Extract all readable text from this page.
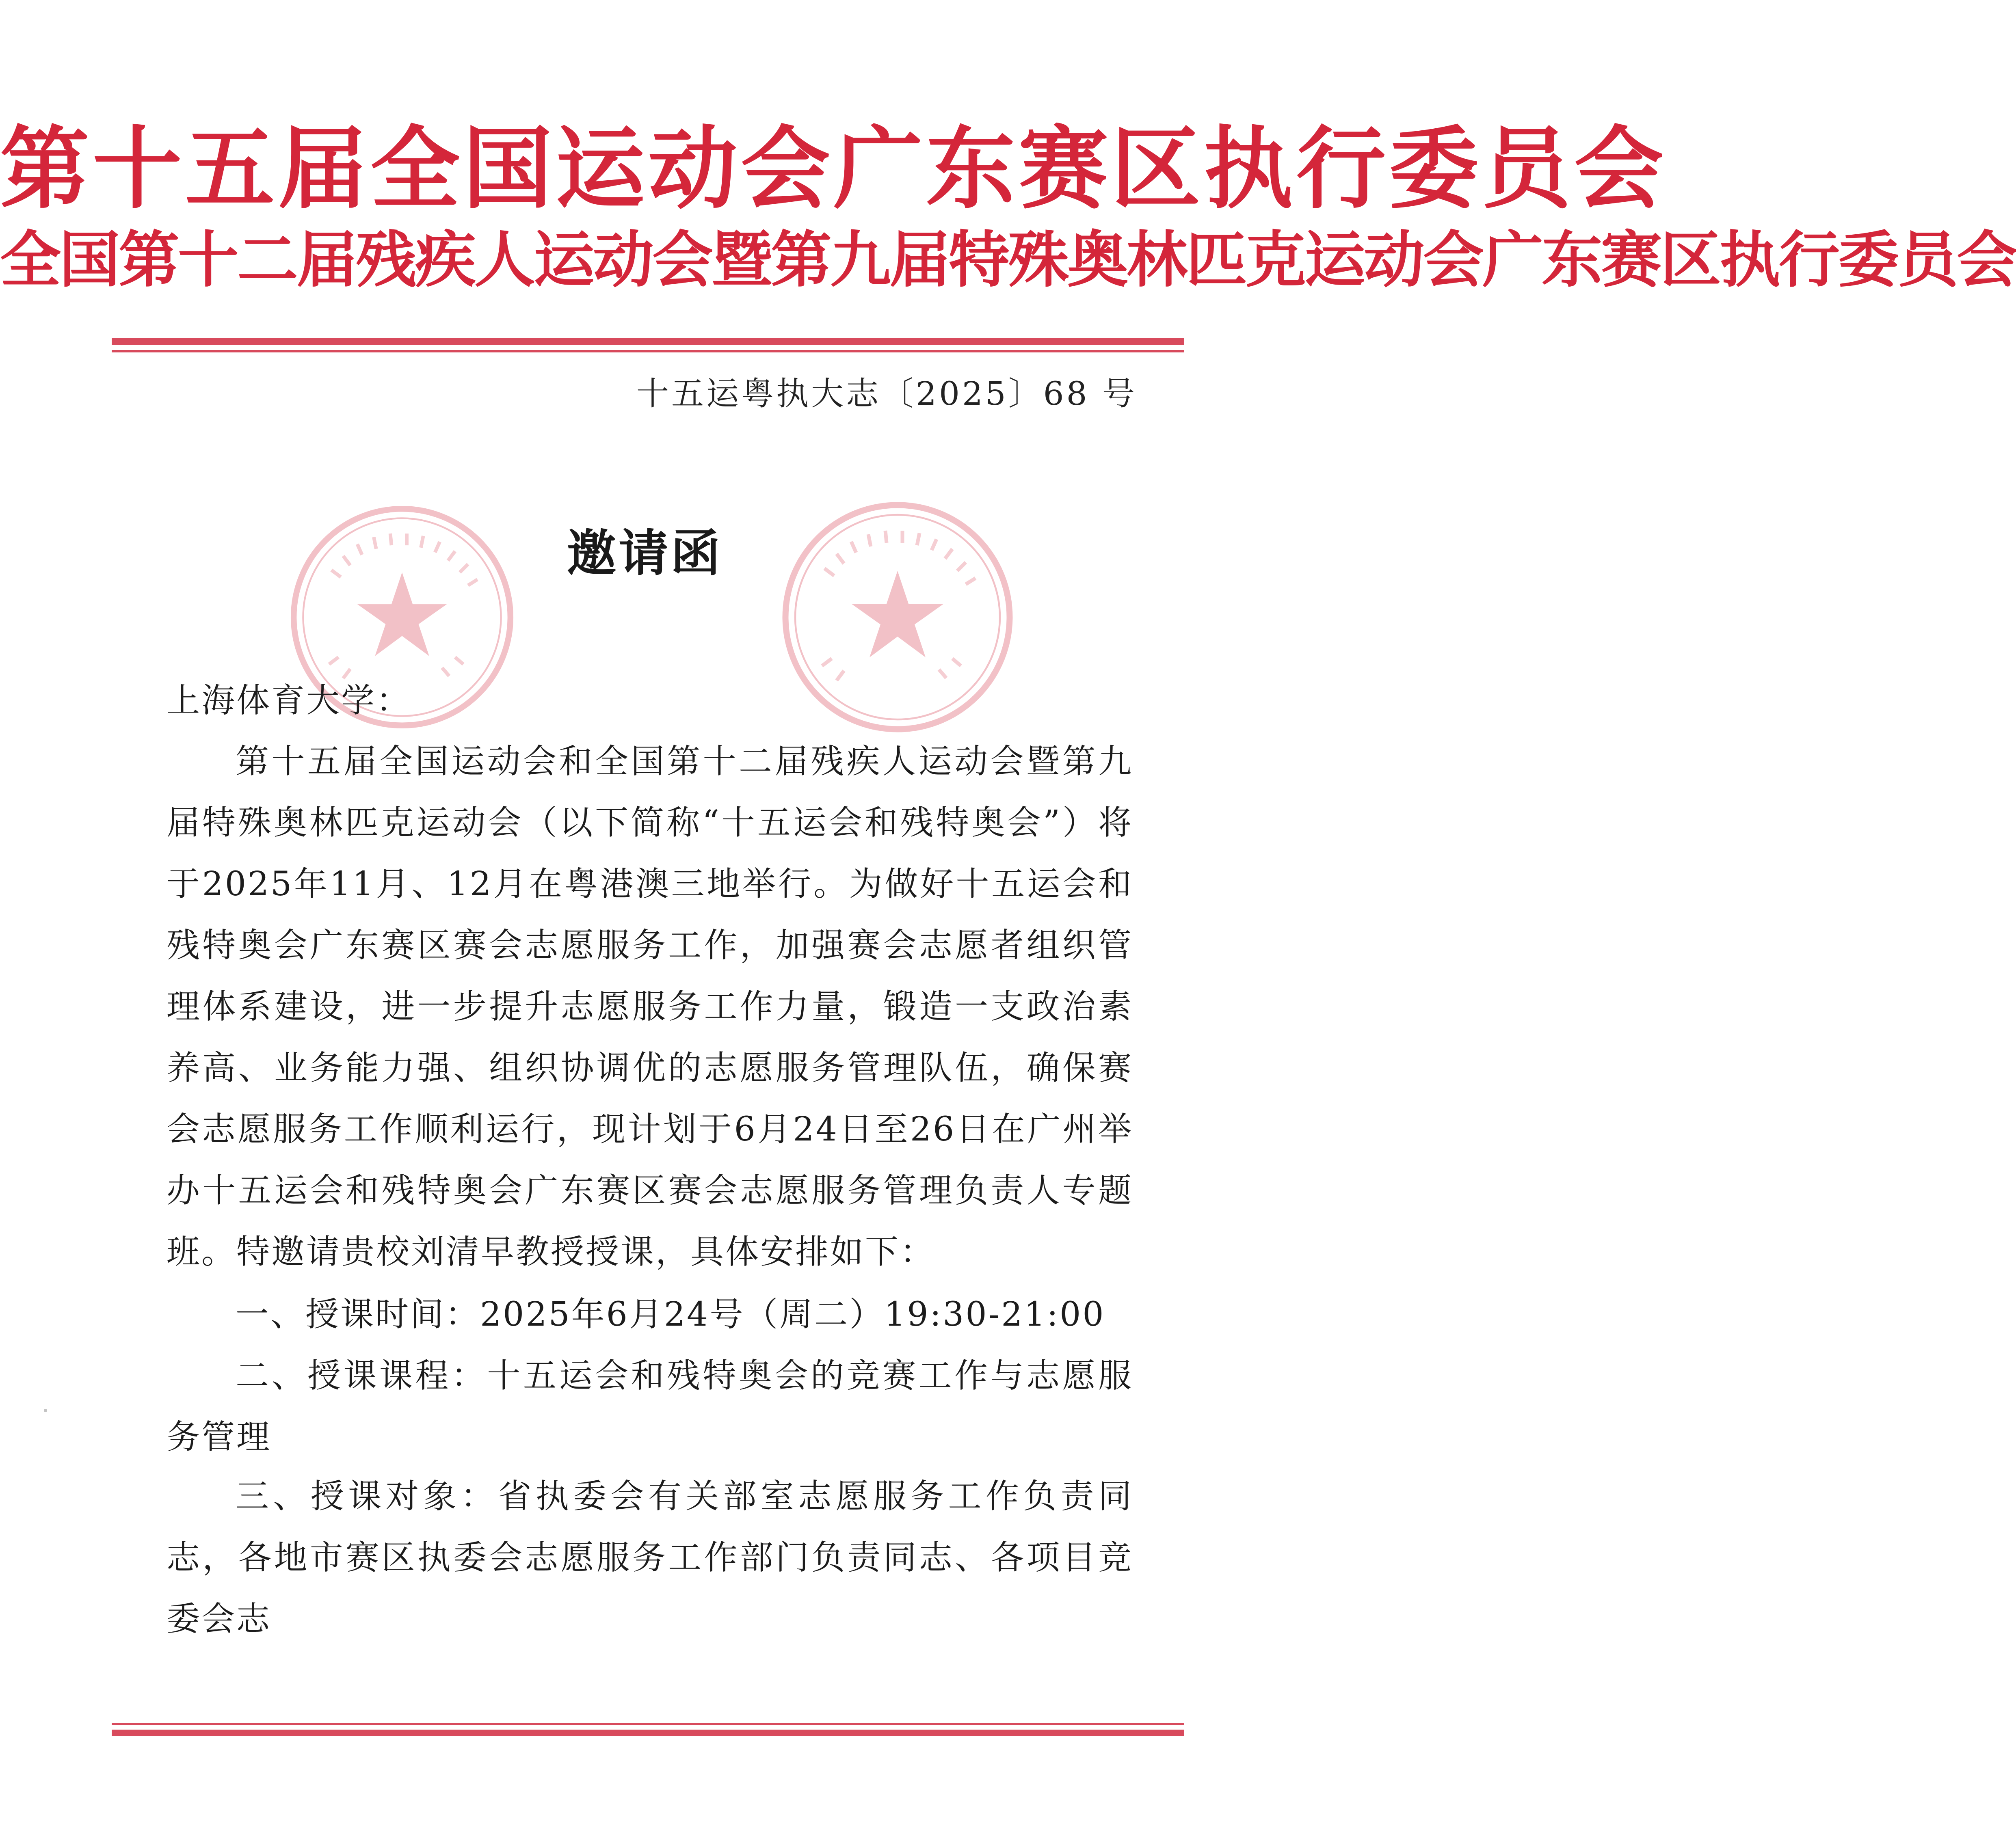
第十五届全国运动会广东赛区执行委员会
全国第十二届残疾人运动会暨第九届特殊奥林匹克运动会广东赛区执行委员会
十五运粤执大志〔2025〕68 号
邀请函
上海体育大学：
第十五届全国运动会和全国第十二届残疾人运动会暨第九届特殊奥林匹克运动会（以下简称“十五运会和残特奥会”）将于2025年11月、12月在粤港澳三地举行。为做好十五运会和残特奥会广东赛区赛会志愿服务工作，加强赛会志愿者组织管理体系建设，进一步提升志愿服务工作力量，锻造一支政治素养高、业务能力强、组织协调优的志愿服务管理队伍，确保赛会志愿服务工作顺利运行，现计划于6月24日至26日在广州举办十五运会和残特奥会广东赛区赛会志愿服务管理负责人专题班。特邀请贵校刘清早教授授课，具体安排如下：
一、授课时间：2025年6月24号（周二）19:30-21:00
二、授课课程：十五运会和残特奥会的竞赛工作与志愿服务管理
三、授课对象：省执委会有关部室志愿服务工作负责同志，各地市赛区执委会志愿服务工作部门负责同志、各项目竞委会志
